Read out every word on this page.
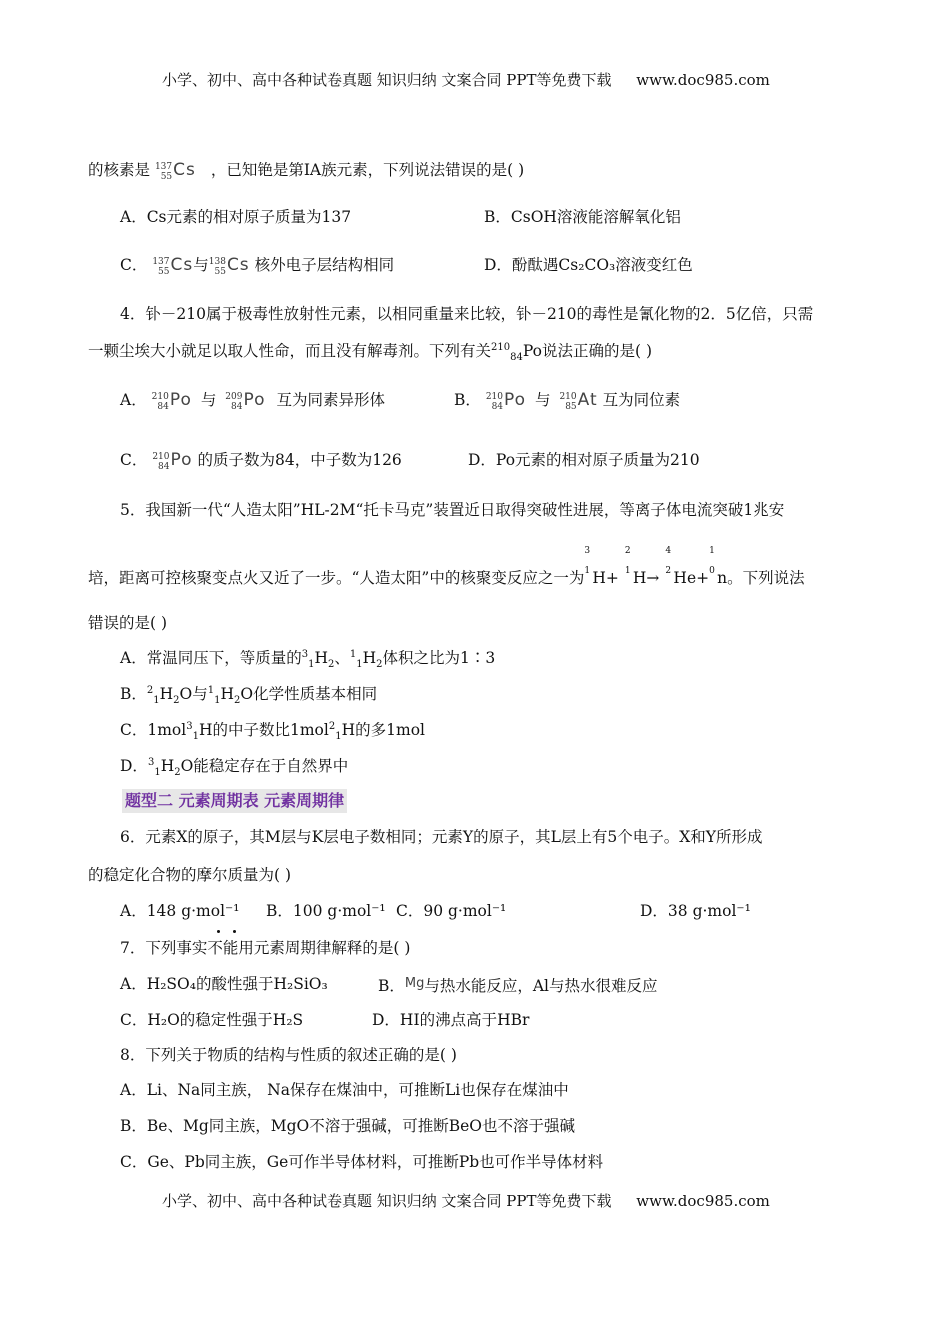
小学、初中、高中各种试卷真题 知识归纳 文案合同 PPT等免费下载 www.doc985.com
的核素是 137
55 Cs ，已知铯是第ⅠA族元素，下列说法错误的是( )
A．Cs元素的相对原子质量为137	B．CsOH溶液能溶解氧化铝
C． 137
55 Cs与 138
55 Cs 核外电子层结构相同	D．酚酞遇Cs₂CO₃溶液变红色
4．钋－210属于极毒性放射性元素，以相同重量来比较，钋－210的毒性是氰化物的2．5亿倍，只需
一颗尘埃大小就足以取人性命，而且没有解毒剂。下列有关$^{210}_{84}$Po说法正确的是( )
A． 210
84 Po 与 209
84 Po 互为同素异形体	B． 210
84 Po 与 210
85 At 互为同位素
C． 210
84 Po 的质子数为84，中子数为126	D．Po元素的相对原子质量为210
5．我国新一代“人造太阳”HL-2M“托卡马克”装置近日取得突破性进展，等离子体电流突破1兆安
培，距离可控核聚变点火又近了一步。“人造太阳”中的核聚变反应之一为
3
1 H+
2
1 H→
4
2 He+
1
0 n。下列说法
错误的是( )
A．常温同压下，等质量的$^3_1H_2$、$^1_1H_2$体积之比为1∶3
B．$^2_1H_2O$与$^1_1H_2O$化学性质基本相同
C．1mol$^3_1$H的中子数比1mol$^2_1$H的多1mol
D．$^3_1H_2O$能稳定存在于自然界中
题型二 元素周期表 元素周期律
6．元素X的原子，其M层与K层电子数相同；元素Y的原子，其L层上有5个电子。X和Y所形成
的稳定化合物的摩尔质量为( )
A．148 g·mol⁻¹ B．100 g·mol⁻¹ C．90 g·mol⁻¹	D．38 g·mol⁻¹
7．下列事实不能用元素周期律解释的是( )
A．H₂SO₄的酸性强于H₂SiO₃	B．$^{Mg}$与热水能反应，Al与热水很难反应
C．H₂O的稳定性强于H₂S	D．HI的沸点高于HBr
8．下列关于物质的结构与性质的叙述正确的是( )
A．Li、Na同主族， Na保存在煤油中，可推断Li也保存在煤油中
B．Be、Mg同主族，MgO不溶于强碱，可推断BeO也不溶于强碱
C．Ge、Pb同主族，Ge可作半导体材料，可推断Pb也可作半导体材料
小学、初中、高中各种试卷真题 知识归纳 文案合同 PPT等免费下载 www.doc985.com
